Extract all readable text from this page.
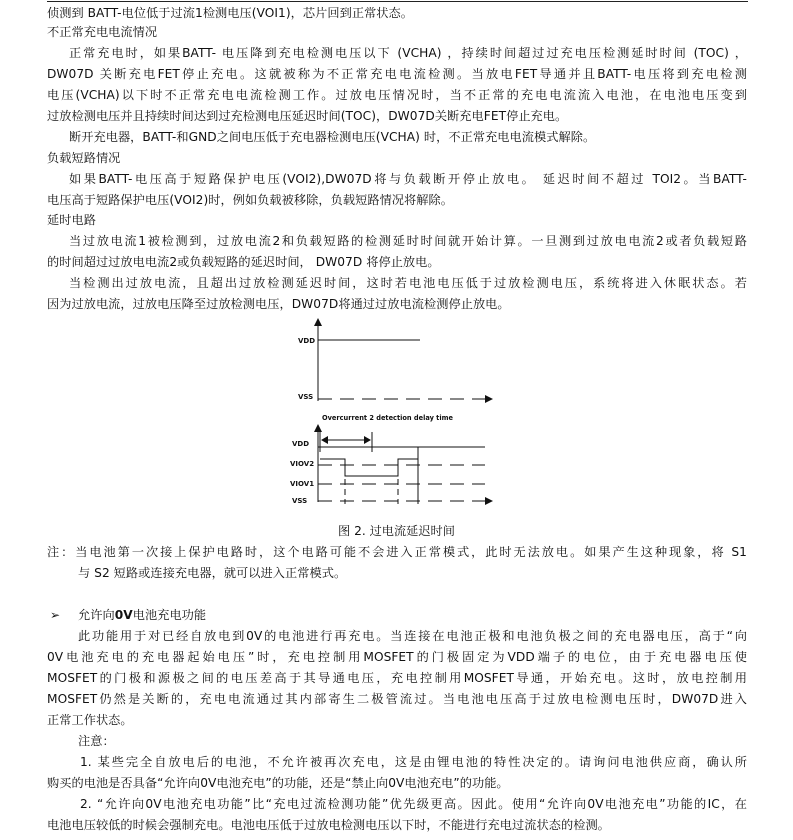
侦测到 BATT-电位低于过流1检测电压(VOI1)，芯片回到正常状态。
不正常充电电流情况
正常充电时，如果BATT- 电压降到充电检测电压以下 (VCHA) ，持续时间超过过充电压检测延时时间 (TOC) ，
DW07D 关断充电FET停止充电。这就被称为不正常充电电流检测。当放电FET导通并且BATT-电压将到充电检测
电压(VCHA)以下时不正常充电电流检测工作。过放电压情况时，当不正常的充电电流流入电池，在电池电压变到
过放检测电压并且持续时间达到过充检测电压延迟时间(TOC)，DW07D关断充电FET停止充电。
断开充电器，BATT-和GND之间电压低于充电器检测电压(VCHA) 时，不正常充电电流模式解除。
负载短路情况
如果BATT-电压高于短路保护电压(VOI2),DW07D将与负载断开停止放电。 延迟时间不超过 TOI2。当BATT-
电压高于短路保护电压(VOI2)时，例如负载被移除，负载短路情况将解除。
延时电路
当过放电流1被检测到，过放电流2和负载短路的检测延时时间就开始计算。一旦测到过放电电流2或者负载短路
的时间超过过放电电流2或负载短路的延迟时间， DW07D 将停止放电。
当检测出过放电流，且超出过放检测延迟时间，这时若电池电压低于过放检测电压，系统将进入休眠状态。若
因为过放电流，过放电压降至过放检测电压，DW07D将通过过放电流检测停止放电。
VDD
VSS
Overcurrent 2 detection delay time
VDD
VIOV2
VIOV1
VSS
图 2. 过电流延迟时间
注：当电池第一次接上保护电路时，这个电路可能不会进入正常模式，此时无法放电。如果产生这种现象，将 S1
与 S2 短路或连接充电器，就可以进入正常模式。
➢ 允许向0V电池充电功能
此功能用于对已经自放电到0V的电池进行再充电。当连接在电池正极和电池负极之间的充电器电压，高于“向
0V电池充电的充电器起始电压”时，充电控制用MOSFET的门极固定为VDD端子的电位，由于充电器电压使
MOSFET的门极和源极之间的电压差高于其导通电压，充电控制用MOSFET导通，开始充电。这时，放电控制用
MOSFET仍然是关断的，充电电流通过其内部寄生二极管流过。当电池电压高于过放电检测电压时，DW07D进入
正常工作状态。
注意：
1. 某些完全自放电后的电池，不允许被再次充电，这是由锂电池的特性决定的。请询问电池供应商，确认所
购买的电池是否具备“允许向0V电池充电”的功能，还是“禁止向0V电池充电”的功能。
2. “允许向0V电池充电功能”比“充电过流检测功能”优先级更高。因此。使用“允许向0V电池充电”功能的IC，在
电池电压较低的时候会强制充电。电池电压低于过放电检测电压以下时，不能进行充电过流状态的检测。
